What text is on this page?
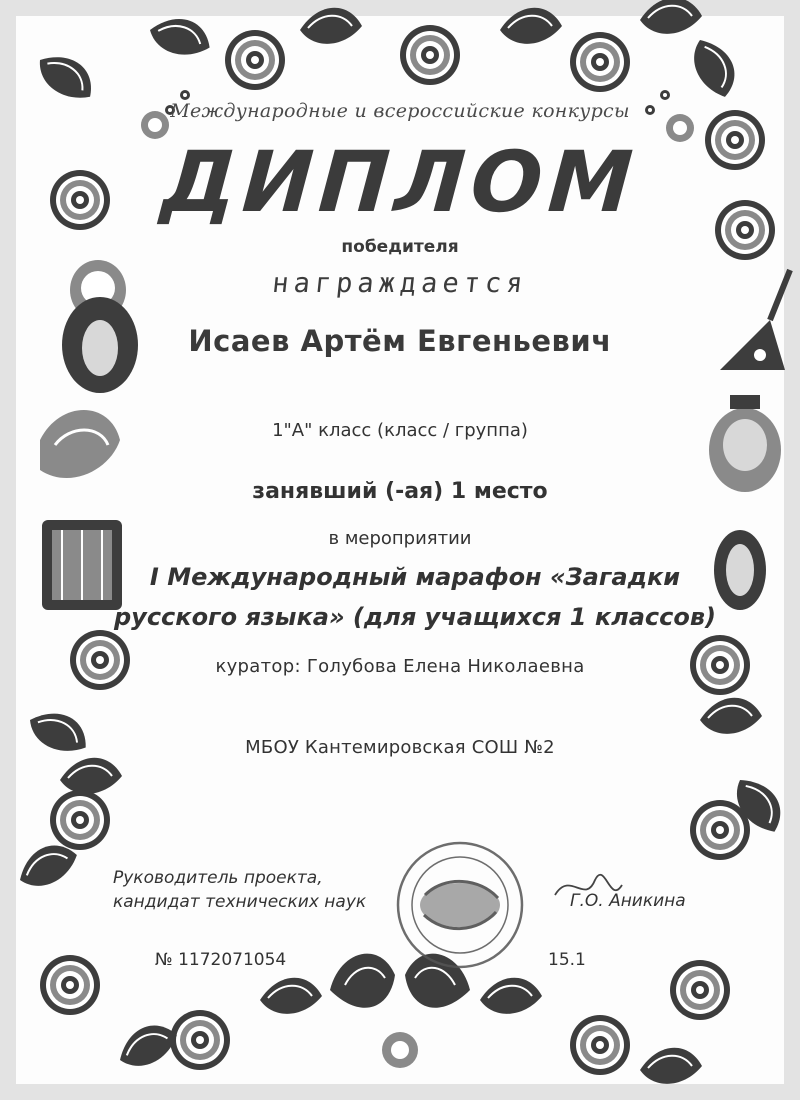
Международные и всероссийские конкурсы
ДИПЛОМ
победителя
награждается
Исаев Артём Евгеньевич
1"А" класс (класс / группа)
занявший (-ая) 1 место
в мероприятии
I Международный марафон «Загадки
русского языка» (для учащихся 1 классов)
куратор: Голубова Елена Николаевна
МБОУ Кантемировская СОШ №2
Руководитель проекта,
кандидат технических наук	Г.О. Аникина
№ 1172071054	15.1
